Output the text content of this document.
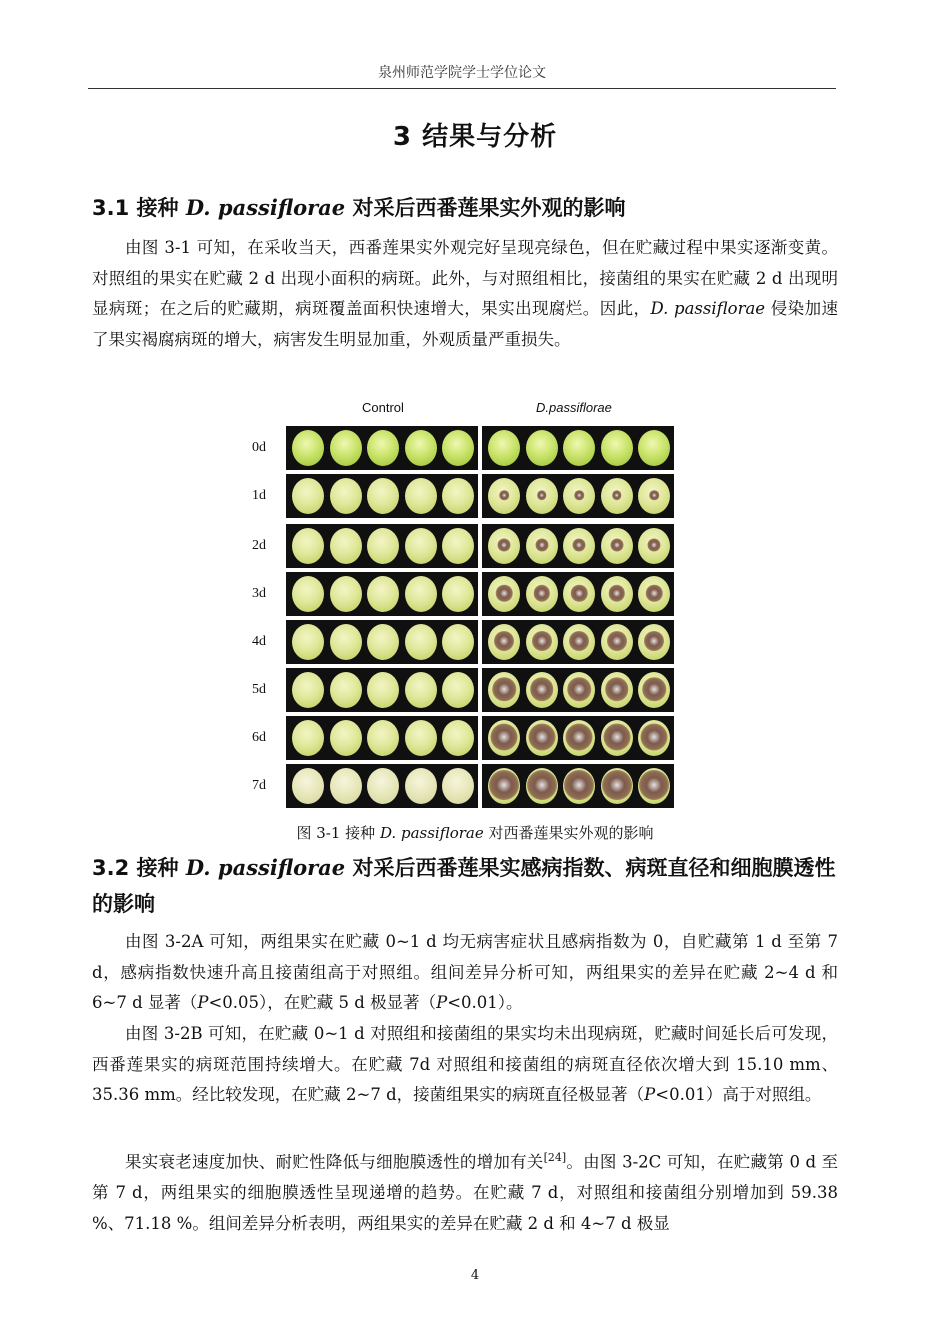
泉州师范学院学士学位论文
3 结果与分析
3.1 接种 D. passiflorae 对采后西番莲果实外观的影响
由图 3-1 可知，在采收当天，西番莲果实外观完好呈现亮绿色，但在贮藏过程中果实逐渐变黄。对照组的果实在贮藏 2 d 出现小面积的病斑。此外，与对照组相比，接菌组的果实在贮藏 2 d 出现明显病斑；在之后的贮藏期，病斑覆盖面积快速增大，果实出现腐烂。因此，D. passiflorae 侵染加速了果实褐腐病斑的增大，病害发生明显加重，外观质量严重损失。
Control	D.passiflorae
0d
1d
2d
3d
4d
5d
6d
7d
图 3-1 接种 D. passiflorae 对西番莲果实外观的影响
3.2 接种 D. passiflorae 对采后西番莲果实感病指数、病斑直径和细胞膜透性的影响
由图 3-2A 可知，两组果实在贮藏 0~1 d 均无病害症状且感病指数为 0，自贮藏第 1 d 至第 7 d，感病指数快速升高且接菌组高于对照组。组间差异分析可知，两组果实的差异在贮藏 2~4 d 和 6~7 d 显著（P<0.05），在贮藏 5 d 极显著（P<0.01）。
由图 3-2B 可知，在贮藏 0~1 d 对照组和接菌组的果实均未出现病斑，贮藏时间延长后可发现，西番莲果实的病斑范围持续增大。在贮藏 7d 对照组和接菌组的病斑直径依次增大到 15.10 mm、35.36 mm。经比较发现，在贮藏 2~7 d，接菌组果实的病斑直径极显著（P<0.01）高于对照组。
果实衰老速度加快、耐贮性降低与细胞膜透性的增加有关[24]。由图 3-2C 可知，在贮藏第 0 d 至第 7 d，两组果实的细胞膜透性呈现递增的趋势。在贮藏 7 d，对照组和接菌组分别增加到 59.38 %、71.18 %。组间差异分析表明，两组果实的差异在贮藏 2 d 和 4~7 d 极显
4
